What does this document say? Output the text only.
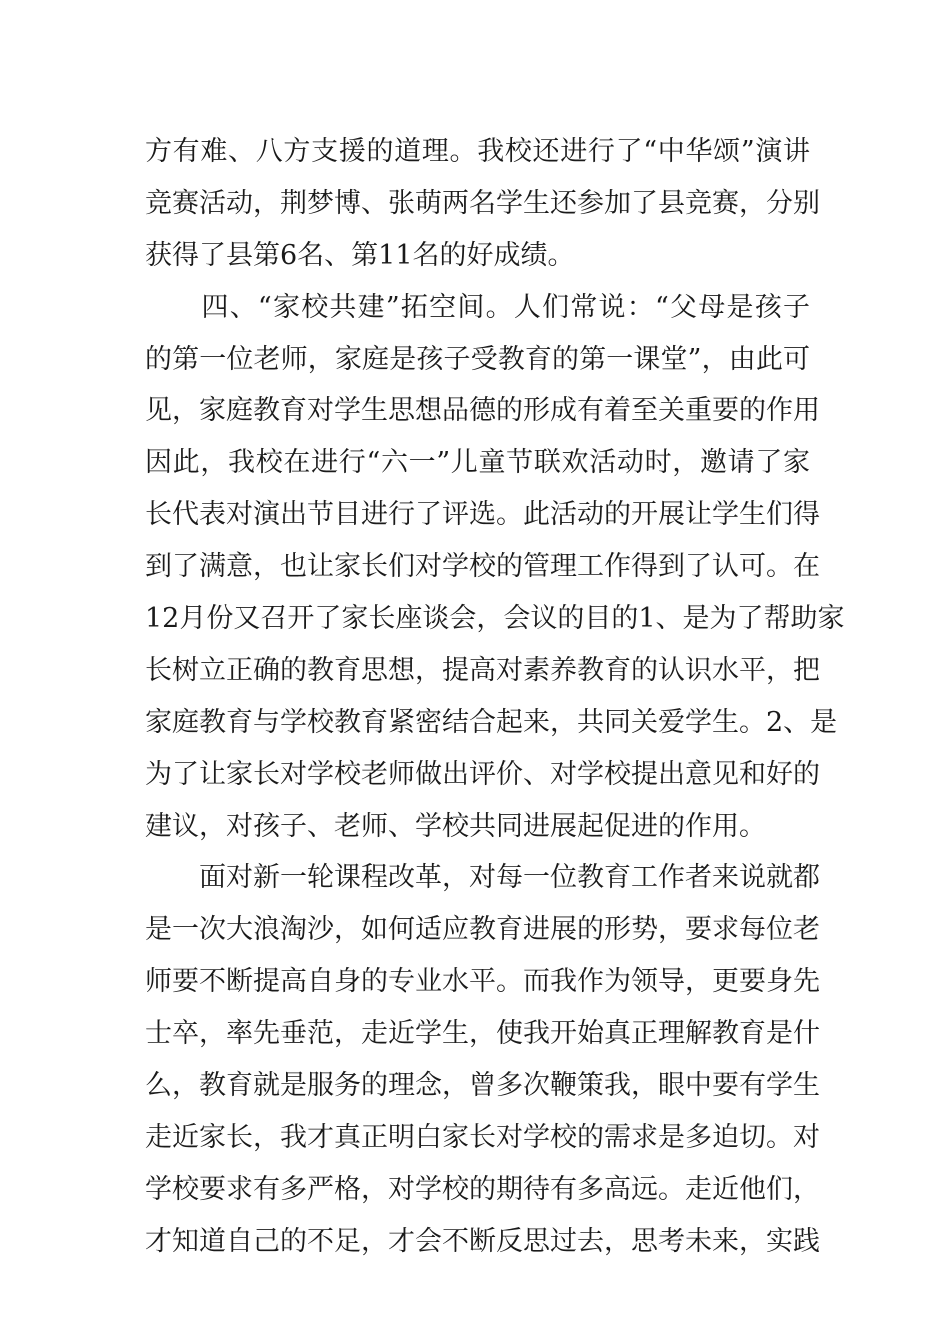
方有难、八方支援的道理。我校还进行了“中华颂”演讲
竞赛活动，荆梦博、张萌两名学生还参加了县竞赛，分别
获得了县第6名、第11名的好成绩。
　　四、“家校共建”拓空间。人们常说：“父母是孩子
的第一位老师，家庭是孩子受教育的第一课堂”，由此可
见，家庭教育对学生思想品德的形成有着至关重要的作用
因此，我校在进行“六一”儿童节联欢活动时，邀请了家
长代表对演出节目进行了评选。此活动的开展让学生们得
到了满意，也让家长们对学校的管理工作得到了认可。在
12月份又召开了家长座谈会，会议的目的1、是为了帮助家
长树立正确的教育思想，提高对素养教育的认识水平，把
家庭教育与学校教育紧密结合起来，共同关爱学生。2、是
为了让家长对学校老师做出评价、对学校提出意见和好的
建议，对孩子、老师、学校共同进展起促进的作用。
　　面对新一轮课程改革，对每一位教育工作者来说就都
是一次大浪淘沙，如何适应教育进展的形势，要求每位老
师要不断提高自身的专业水平。而我作为领导，更要身先
士卒，率先垂范，走近学生，使我开始真正理解教育是什
么，教育就是服务的理念，曾多次鞭策我，眼中要有学生
走近家长，我才真正明白家长对学校的需求是多迫切。对
学校要求有多严格，对学校的期待有多高远。走近他们，
才知道自己的不足，才会不断反思过去，思考未来，实践
